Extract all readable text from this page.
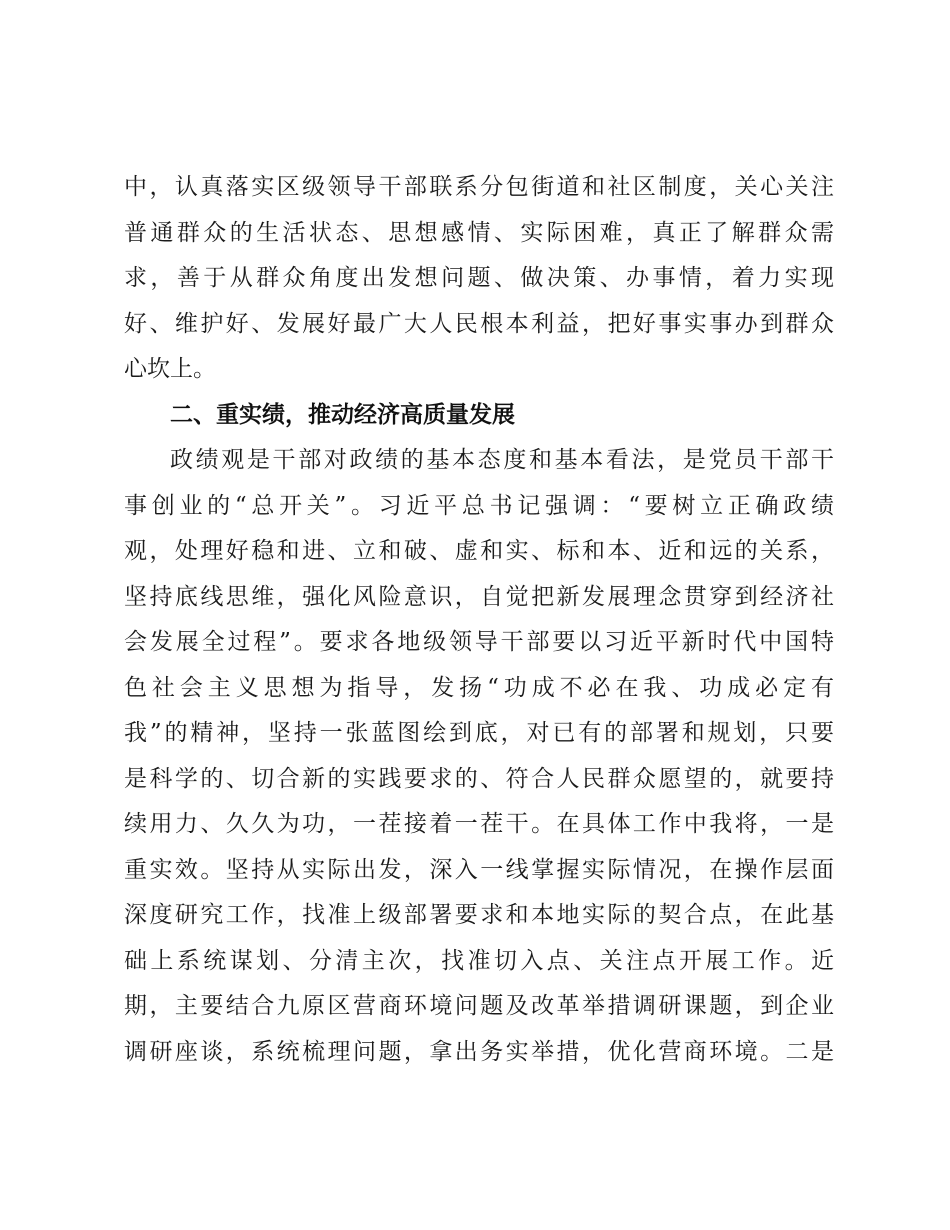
中，认真落实区级领导干部联系分包街道和社区制度，关心关注
普通群众的生活状态、思想感情、实际困难，真正了解群众需
求，善于从群众角度出发想问题、做决策、办事情，着力实现
好、维护好、发展好最广大人民根本利益，把好事实事办到群众
心坎上。
二、重实绩，推动经济高质量发展
政绩观是干部对政绩的基本态度和基本看法，是党员干部干
事创业的“总开关”。习近平总书记强调：“要树立正确政绩
观，处理好稳和进、立和破、虚和实、标和本、近和远的关系，
坚持底线思维，强化风险意识，自觉把新发展理念贯穿到经济社
会发展全过程”。要求各地级领导干部要以习近平新时代中国特
色社会主义思想为指导，发扬“功成不必在我、功成必定有
我”的精神，坚持一张蓝图绘到底，对已有的部署和规划，只要
是科学的、切合新的实践要求的、符合人民群众愿望的，就要持
续用力、久久为功，一茬接着一茬干。在具体工作中我将，一是
重实效。坚持从实际出发，深入一线掌握实际情况，在操作层面
深度研究工作，找准上级部署要求和本地实际的契合点，在此基
础上系统谋划、分清主次，找准切入点、关注点开展工作。近
期，主要结合九原区营商环境问题及改革举措调研课题，到企业
调研座谈，系统梳理问题，拿出务实举措，优化营商环境。二是
